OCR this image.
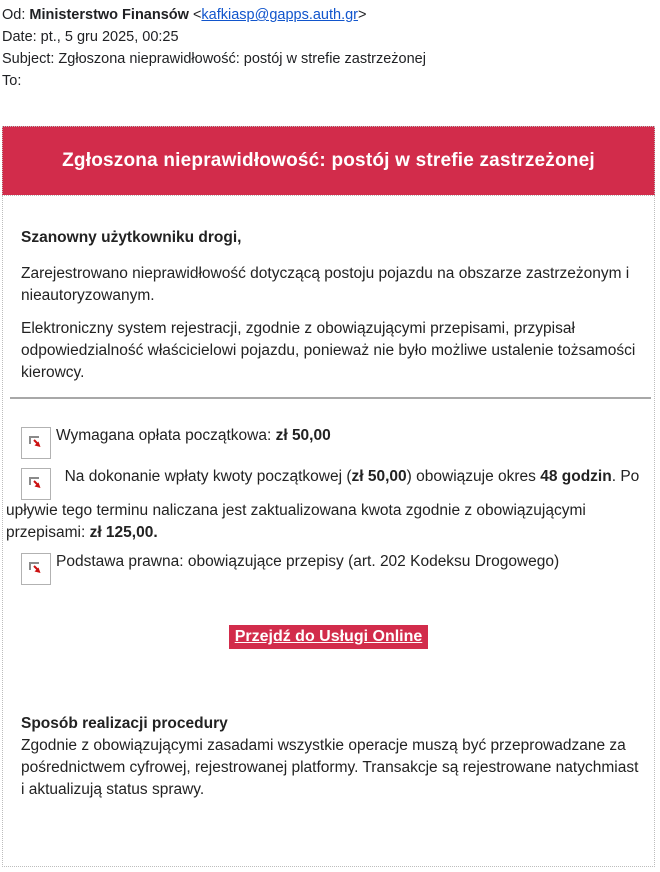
Od: Ministerstwo Finansów <kafkiasp@gapps.auth.gr>
Date: pt., 5 gru 2025, 00:25
Subject: Zgłoszona nieprawidłowość: postój w strefie zastrzeżonej
To:
Zgłoszona nieprawidłowość: postój w strefie zastrzeżonej
Szanowny użytkowniku drogi,
Zarejestrowano nieprawidłowość dotyczącą postoju pojazdu na obszarze zastrzeżonym i nieautoryzowanym.
Elektroniczny system rejestracji, zgodnie z obowiązującymi przepisami, przypisał odpowiedzialność właścicielowi pojazdu, ponieważ nie było możliwe ustalenie tożsamości kierowcy.

Wymagana opłata początkowa: zł 50,00

Na dokonanie wpłaty kwoty początkowej (zł 50,00) obowiązuje okres 48 godzin. Po upływie tego terminu naliczana jest zaktualizowana kwota zgodnie z obowiązującymi przepisami: zł 125,00.

Podstawa prawna: obowiązujące przepisy (art. 202 Kodeksu Drogowego)

Przejdź do Usługi Online
Sposób realizacji procedury
Zgodnie z obowiązującymi zasadami wszystkie operacje muszą być przeprowadzane za pośrednictwem cyfrowej, rejestrowanej platformy. Transakcje są rejestrowane natychmiast i aktualizują status sprawy.
